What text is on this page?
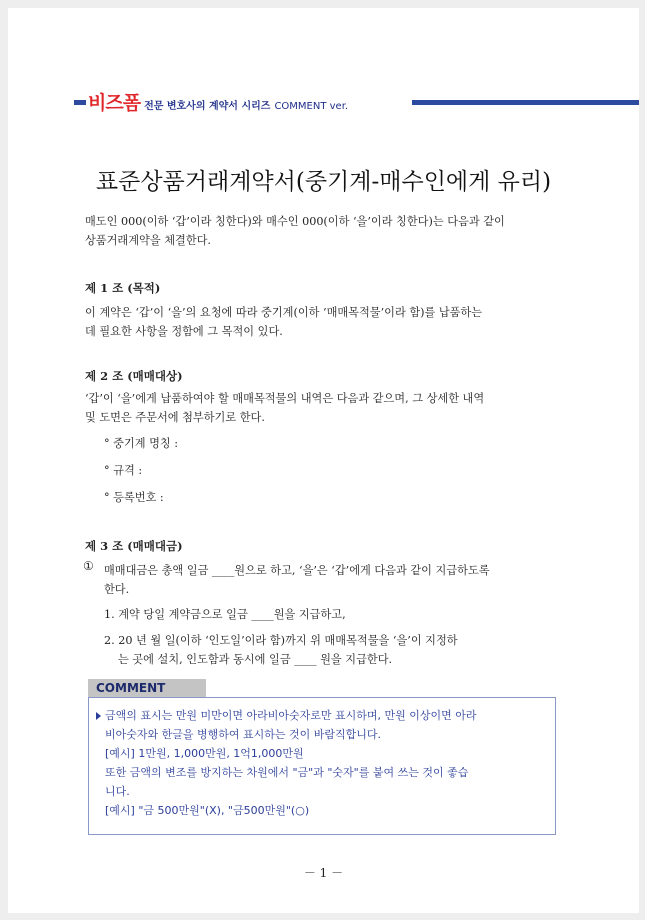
비즈폼 전문 변호사의 계약서 시리즈 COMMENT ver.
표준상품거래계약서(중기계-매수인에게 유리)
매도인 000(이하 ‘갑’이라 칭한다)와 매수인 000(이하 ‘을’이라 칭한다)는 다음과 같이
상품거래계약을 체결한다.
제 1 조 (목적)
이 계약은 ‘갑’이 ‘을’의 요청에 따라 중기계(이하 ‘매매목적물’이라 함)를 납품하는
데 필요한 사항을 정함에 그 목적이 있다.
제 2 조 (매매대상)
‘갑’이 ‘을’에게 납품하여야 할 매매목적물의 내역은 다음과 같으며, 그 상세한 내역
및 도면은 주문서에 첨부하기로 한다.
° 중기계 명칭 :
° 규격 :
° 등록번호 :
제 3 조 (매매대금)
① 매매대금은 총액 일금 ____원으로 하고, ‘을’은 ‘갑’에게 다음과 같이 지급하도록
한다.
1. 계약 당일 계약금으로 일금 ____원을 지급하고,
2. 20 년 월 일(이하 ‘인도일’이라 함)까지 위 매매목적물을 ‘을’이 지정하
는 곳에 설치, 인도함과 동시에 일금 ____ 원을 지급한다.
COMMENT
금액의 표시는 만원 미만이면 아라비아숫자로만 표시하며, 만원 이상이면 아라
비아숫자와 한글을 병행하여 표시하는 것이 바람직합니다.
[예시] 1만원, 1,000만원, 1억1,000만원
또한 금액의 변조를 방지하는 차원에서 "금"과 "숫자"를 붙여 쓰는 것이 좋습
니다.
[예시] "금 500만원"(X), "금500만원"(○)
－ 1 －
